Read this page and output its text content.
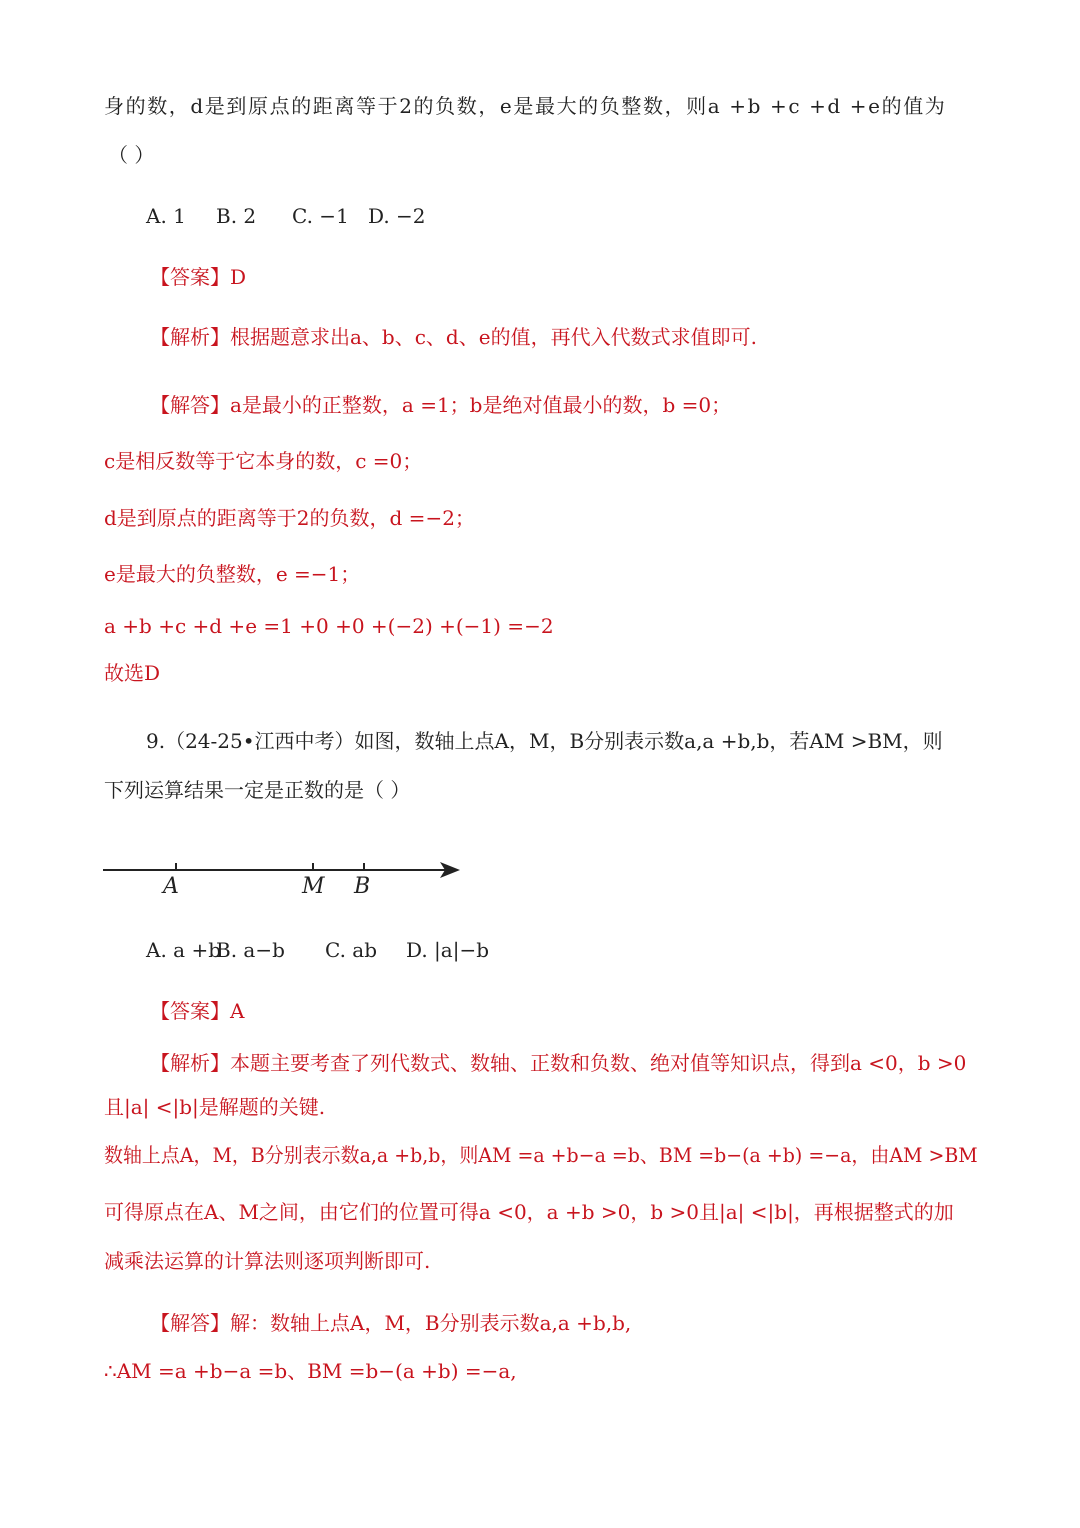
身的数，d是到原点的距离等于2的负数，e是最大的负整数，则a +b +c +d +e的值为
（ ）
A. 1 B. 2 C. −1 D. −2
【答案】D
【解析】根据题意求出a、b、c、d、e的值，再代入代数式求值即可.
【解答】a是最小的正整数，a =1；b是绝对值最小的数，b =0；
c是相反数等于它本身的数，c =0；
d是到原点的距离等于2的负数，d =−2；
e是最大的负整数，e =−1；
a +b +c +d +e =1 +0 +0 +(−2) +(−1) =−2
故选D
9.（24-25•江西中考）如图，数轴上点A，M，B分别表示数a,a +b,b，若AM >BM，则
下列运算结果一定是正数的是（ ）
A	M B
A. a +b
B. a−b C. ab D. |a|−b
【答案】A
【解析】本题主要考查了列代数式、数轴、正数和负数、绝对值等知识点，得到a <0，b >0
且|a| <|b|是解题的关键.
数轴上点A，M，B分别表示数a,a +b,b，则AM =a +b−a =b、BM =b−(a +b) =−a，由AM >BM
可得原点在A、M之间，由它们的位置可得a <0，a +b >0，b >0且|a| <|b|，再根据整式的加
减乘法运算的计算法则逐项判断即可.
【解答】解：数轴上点A，M，B分别表示数a,a +b,b,
∴AM =a +b−a =b、BM =b−(a +b) =−a,
